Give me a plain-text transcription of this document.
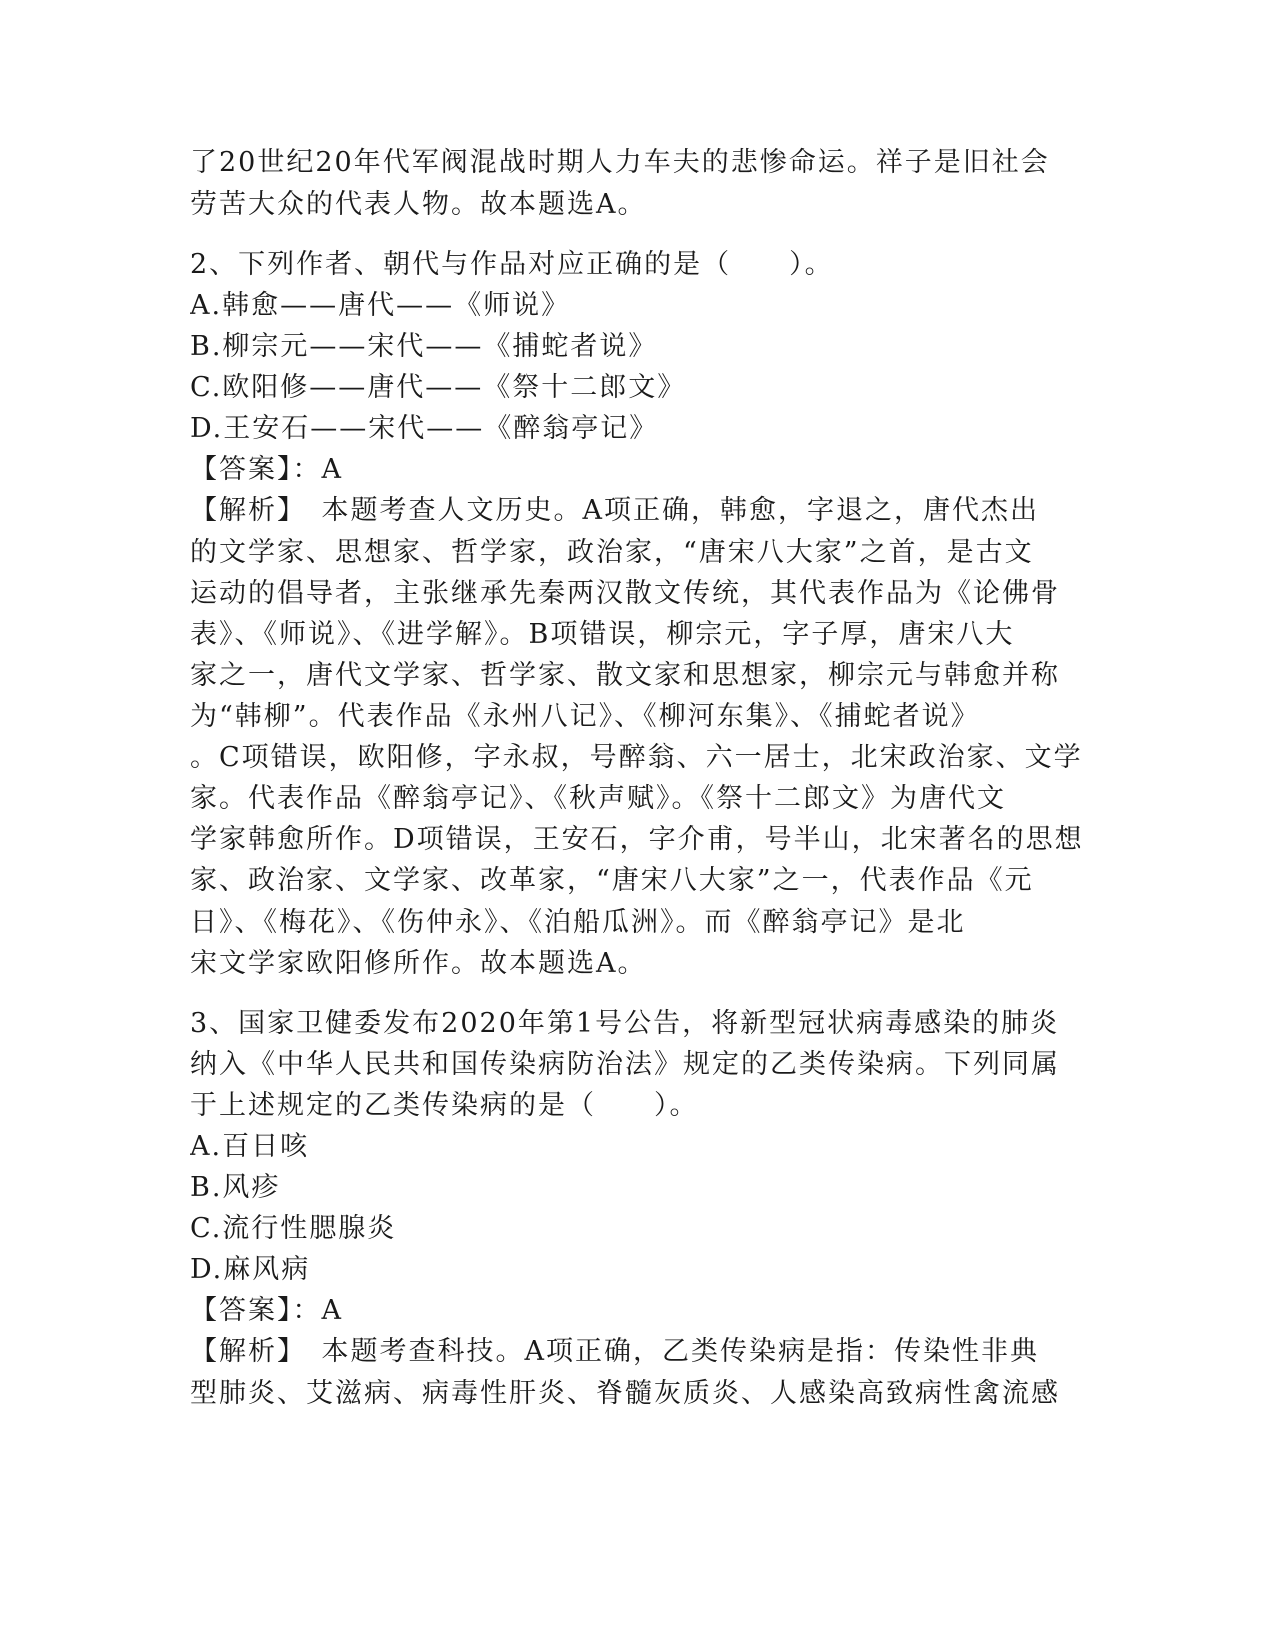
了20世纪20年代军阀混战时期人力车夫的悲惨命运。祥子是旧社会
劳苦大众的代表人物。故本题选A。
2、下列作者、朝代与作品对应正确的是（　　）。
A.韩愈——唐代——《师说》
B.柳宗元——宋代——《捕蛇者说》
C.欧阳修——唐代——《祭十二郎文》
D.王安石——宋代——《醉翁亭记》
【答案】：A
【解析】　本题考查人文历史。A项正确，韩愈，字退之，唐代杰出
的文学家、思想家、哲学家，政治家，“唐宋八大家”之首，是古文
运动的倡导者，主张继承先秦两汉散文传统，其代表作品为《论佛骨
表》、《师说》、《进学解》。B项错误，柳宗元，字子厚，唐宋八大
家之一，唐代文学家、哲学家、散文家和思想家，柳宗元与韩愈并称
为“韩柳”。代表作品《永州八记》、《柳河东集》、《捕蛇者说》
。C项错误，欧阳修，字永叔，号醉翁、六一居士，北宋政治家、文学
家。代表作品《醉翁亭记》、《秋声赋》。《祭十二郎文》为唐代文
学家韩愈所作。D项错误，王安石，字介甫，号半山，北宋著名的思想
家、政治家、文学家、改革家，“唐宋八大家”之一，代表作品《元
日》、《梅花》、《伤仲永》、《泊船瓜洲》。而《醉翁亭记》是北
宋文学家欧阳修所作。故本题选A。
3、国家卫健委发布2020年第1号公告，将新型冠状病毒感染的肺炎
纳入《中华人民共和国传染病防治法》规定的乙类传染病。下列同属
于上述规定的乙类传染病的是（　　）。
A.百日咳
B.风疹
C.流行性腮腺炎
D.麻风病
【答案】：A
【解析】　本题考查科技。A项正确，乙类传染病是指：传染性非典
型肺炎、艾滋病、病毒性肝炎、脊髓灰质炎、人感染高致病性禽流感
